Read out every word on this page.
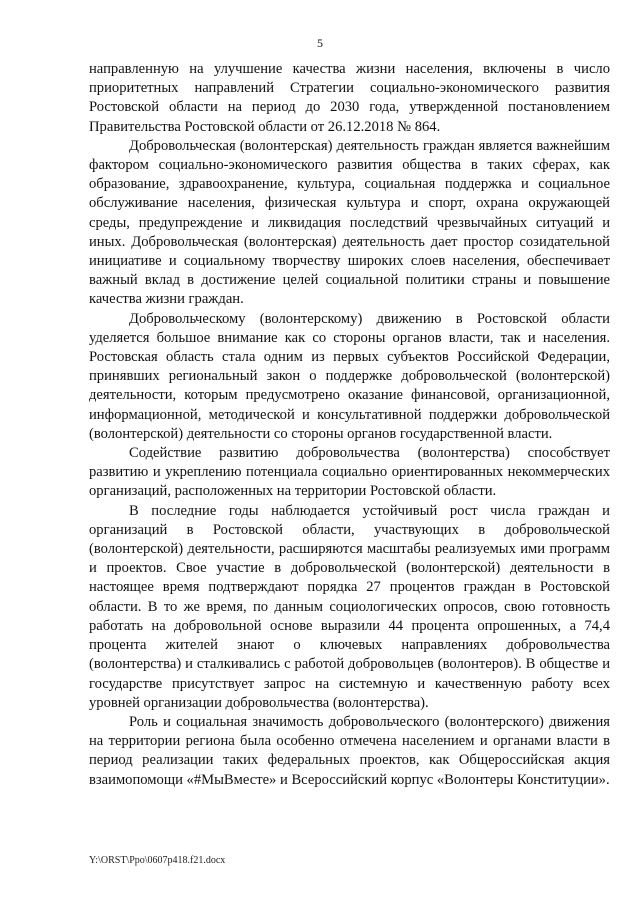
5

направленную на улучшение качества жизни населения, включены в число приоритетных направлений Стратегии социально-экономического развития Ростовской области на период до 2030 года, утвержденной постановлением Правительства Ростовской области от 26.12.2018 № 864.

Добровольческая (волонтерская) деятельность граждан является важнейшим фактором социально-экономического развития общества в таких сферах, как образование, здравоохранение, культура, социальная поддержка и социальное обслуживание населения, физическая культура и спорт, охрана окружающей среды, предупреждение и ликвидация последствий чрезвычайных ситуаций и иных. Добровольческая (волонтерская) деятельность дает простор созидательной инициативе и социальному творчеству широких слоев населения, обеспечивает важный вклад в достижение целей социальной политики страны и повышение качества жизни граждан.

Добровольческому (волонтерскому) движению в Ростовской области уделяется большое внимание как со стороны органов власти, так и населения. Ростовская область стала одним из первых субъектов Российской Федерации, принявших региональный закон о поддержке добровольческой (волонтерской) деятельности, которым предусмотрено оказание финансовой, организационной, информационной, методической и консультативной поддержки добровольческой (волонтерской) деятельности со стороны органов государственной власти.

Содействие развитию добровольчества (волонтерства) способствует развитию и укреплению потенциала социально ориентированных некоммерческих организаций, расположенных на территории Ростовской области.

В последние годы наблюдается устойчивый рост числа граждан и организаций в Ростовской области, участвующих в добровольческой (волонтерской) деятельности, расширяются масштабы реализуемых ими программ и проектов. Свое участие в добровольческой (волонтерской) деятельности в настоящее время подтверждают порядка 27 процентов граждан в Ростовской области. В то же время, по данным социологических опросов, свою готовность работать на добровольной основе выразили 44 процента опрошенных, а 74,4 процента жителей знают о ключевых направлениях добровольчества (волонтерства) и сталкивались с работой добровольцев (волонтеров). В обществе и государстве присутствует запрос на системную и качественную работу всех уровней организации добровольчества (волонтерства).

Роль и социальная значимость добровольческого (волонтерского) движения на территории региона была особенно отмечена населением и органами власти в период реализации таких федеральных проектов, как Общероссийская акция взаимопомощи «#МыВместе» и Всероссийский корпус «Волонтеры Конституции».

Y:\ORST\Ppo\0607p418.f21.docx
